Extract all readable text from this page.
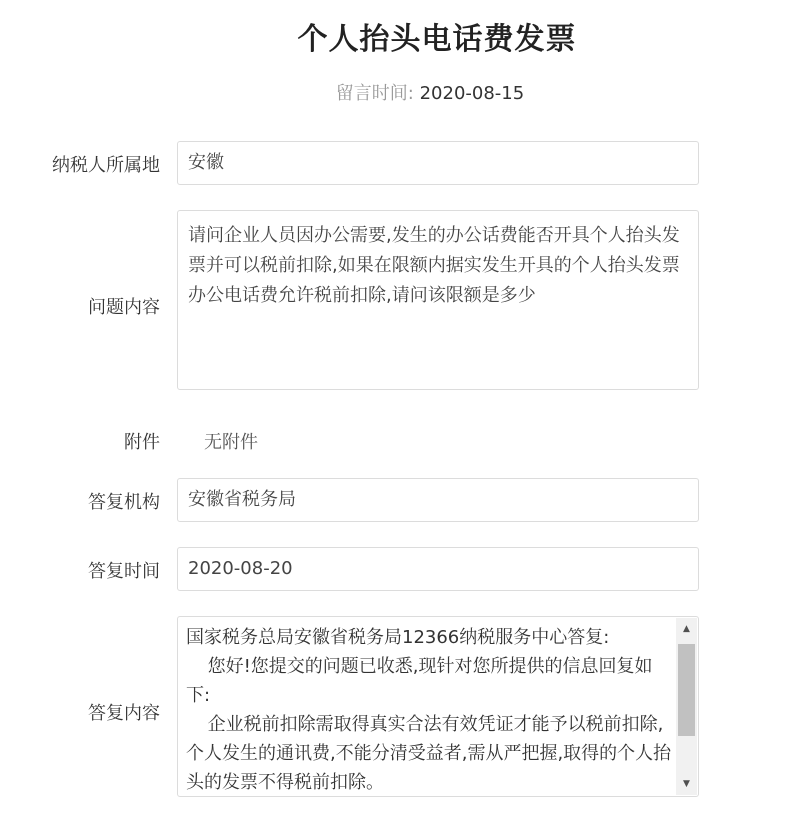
个人抬头电话费发票
留言时间: 2020-08-15
纳税人所属地	安徽
问题内容
请问企业人员因办公需要,发生的办公话费能否开具个人抬头发票并可以税前扣除,如果在限额内据实发生开具的个人抬头发票办公电话费允许税前扣除,请问该限额是多少
附件 无附件
答复机构	安徽省税务局
答复时间	2020-08-20
答复内容

国家税务总局安徽省税务局12366纳税服务中心答复:

您好!您提交的问题已收悉,现针对您所提供的信息回复如下:

企业税前扣除需取得真实合法有效凭证才能予以税前扣除,个人发生的通讯费,不能分清受益者,需从严把握,取得的个人抬头的发票不得税前扣除。

▲
▼
